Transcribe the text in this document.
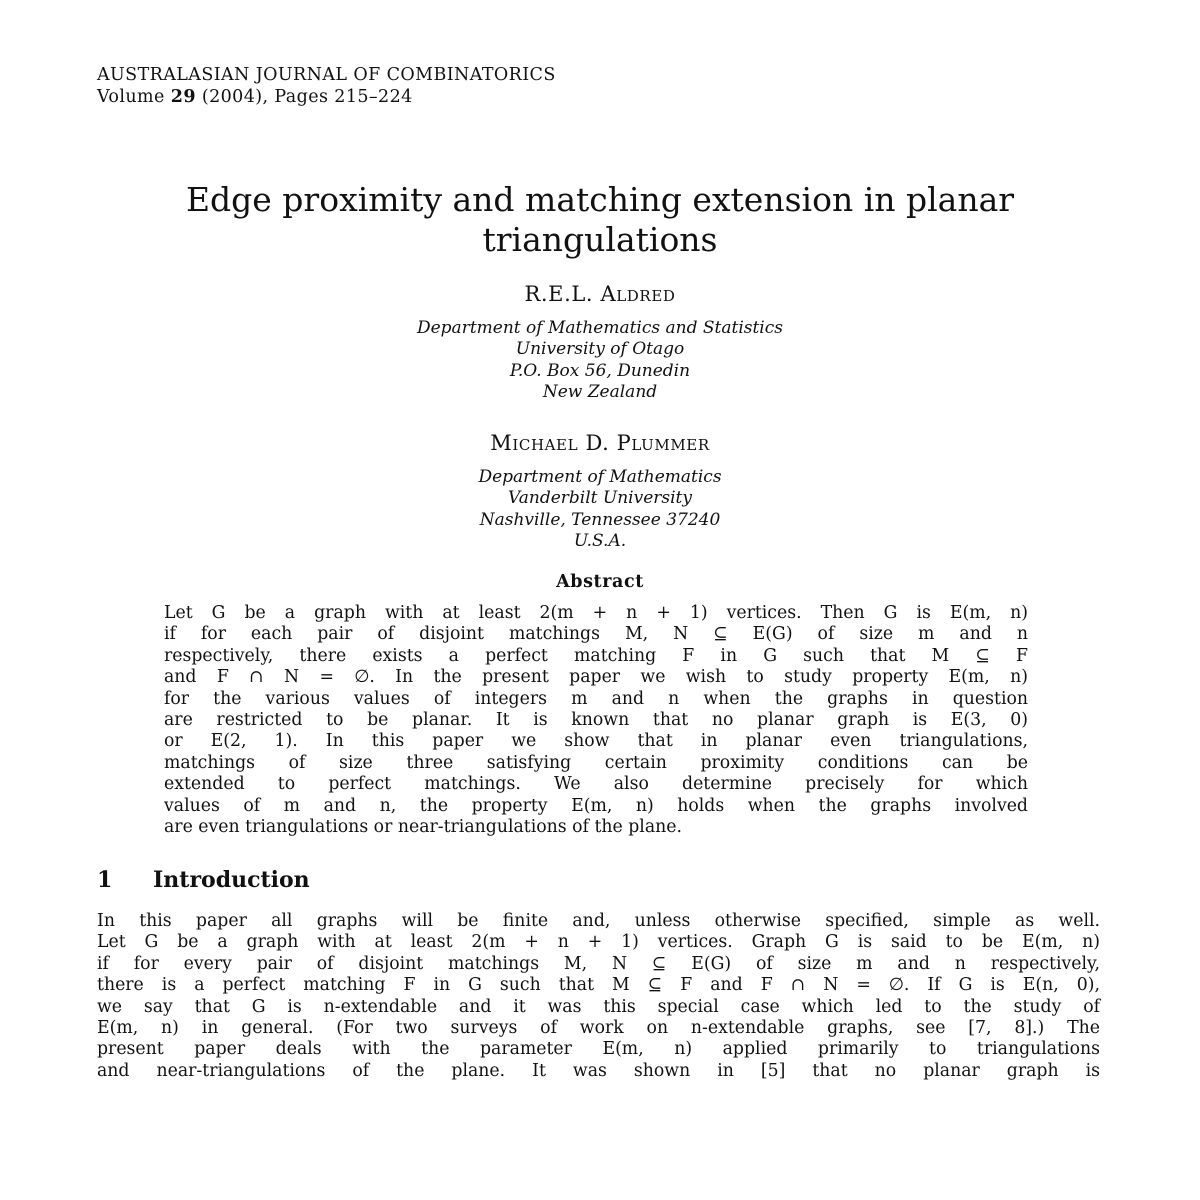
AUSTRALASIAN JOURNAL OF COMBINATORICS
Volume 29 (2004), Pages 215–224
Edge proximity and matching extension in planar
triangulations
R.E.L. Aldred
Department of Mathematics and Statistics
University of Otago
P.O. Box 56, Dunedin
New Zealand
Michael D. Plummer
Department of Mathematics
Vanderbilt University
Nashville, Tennessee 37240
U.S.A.
Abstract
Let G be a graph with at least 2(m + n + 1) vertices. Then G is E(m, n)
if for each pair of disjoint matchings M, N ⊆ E(G) of size m and n
respectively, there exists a perfect matching F in G such that M ⊆ F
and F ∩ N = ∅. In the present paper we wish to study property E(m, n)
for the various values of integers m and n when the graphs in question
are restricted to be planar. It is known that no planar graph is E(3, 0)
or E(2, 1). In this paper we show that in planar even triangulations,
matchings of size three satisfying certain proximity conditions can be
extended to perfect matchings. We also determine precisely for which
values of m and n, the property E(m, n) holds when the graphs involved
are even triangulations or near-triangulations of the plane.
1 Introduction
In this paper all graphs will be finite and, unless otherwise specified, simple as well.
Let G be a graph with at least 2(m + n + 1) vertices. Graph G is said to be E(m, n)
if for every pair of disjoint matchings M, N ⊆ E(G) of size m and n respectively,
there is a perfect matching F in G such that M ⊆ F and F ∩ N = ∅. If G is E(n, 0),
we say that G is n-extendable and it was this special case which led to the study of
E(m, n) in general. (For two surveys of work on n-extendable graphs, see [7, 8].) The
present paper deals with the parameter E(m, n) applied primarily to triangulations
and near-triangulations of the plane. It was shown in [5] that no planar graph is
